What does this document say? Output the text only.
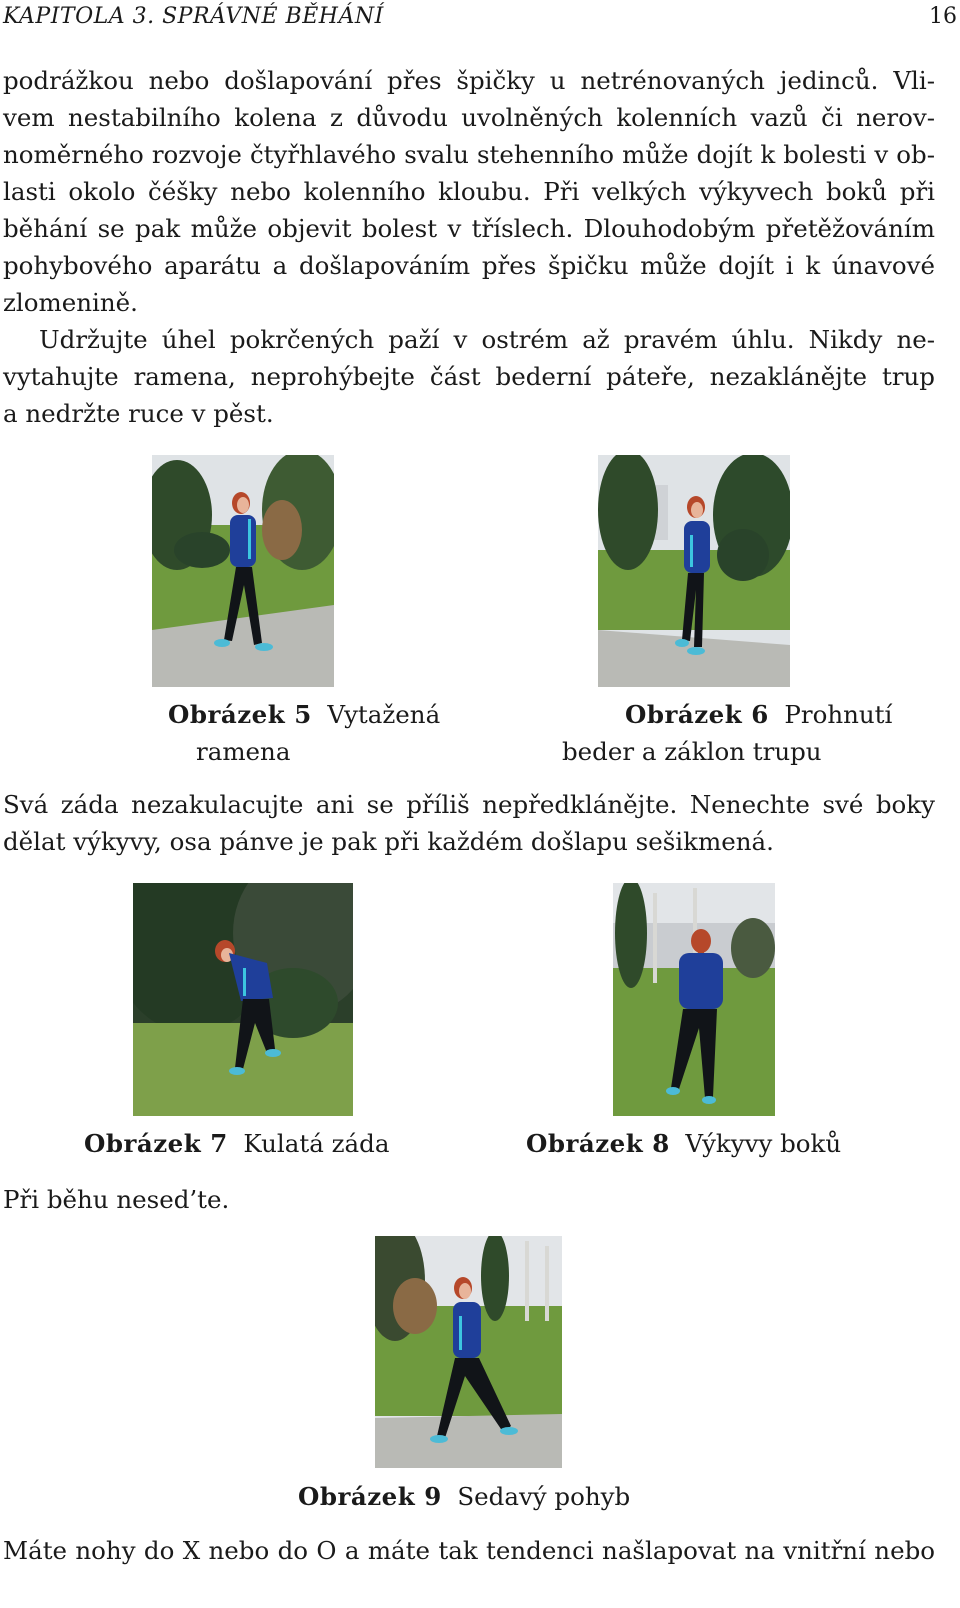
KAPITOLA 3. SPRÁVNÉ BĚHÁNÍ	16
podrážkou nebo došlapování přes špičky u netrénovaných jedinců. Vli-
vem nestabilního kolena z důvodu uvolněných kolenních vazů či nerov-
noměrného rozvoje čtyřhlavého svalu stehenního může dojít k bolesti v ob-
lasti okolo čéšky nebo kolenního kloubu. Při velkých výkyvech boků při
běhání se pak může objevit bolest v tříslech. Dlouhodobým přetěžováním
pohybového aparátu a došlapováním přes špičku může dojít i k únavové
zlomenině.
Udržujte úhel pokrčených paží v ostrém až pravém úhlu. Nikdy ne-
vytahujte ramena, neprohýbejte část bederní páteře, nezaklánějte trup
a nedržte ruce v pěst.
Obrázek 5 Vytažená
ramena
Obrázek 6 Prohnutí
beder a záklon trupu
Svá záda nezakulacujte ani se příliš nepředklánějte. Nenechte své boky
dělat výkyvy, osa pánve je pak při každém došlapu sešikmená.
Obrázek 7 Kulatá záda	Obrázek 8 Výkyvy boků
Při běhu nesed’te.
Obrázek 9 Sedavý pohyb
Máte nohy do X nebo do O a máte tak tendenci našlapovat na vnitřní nebo
